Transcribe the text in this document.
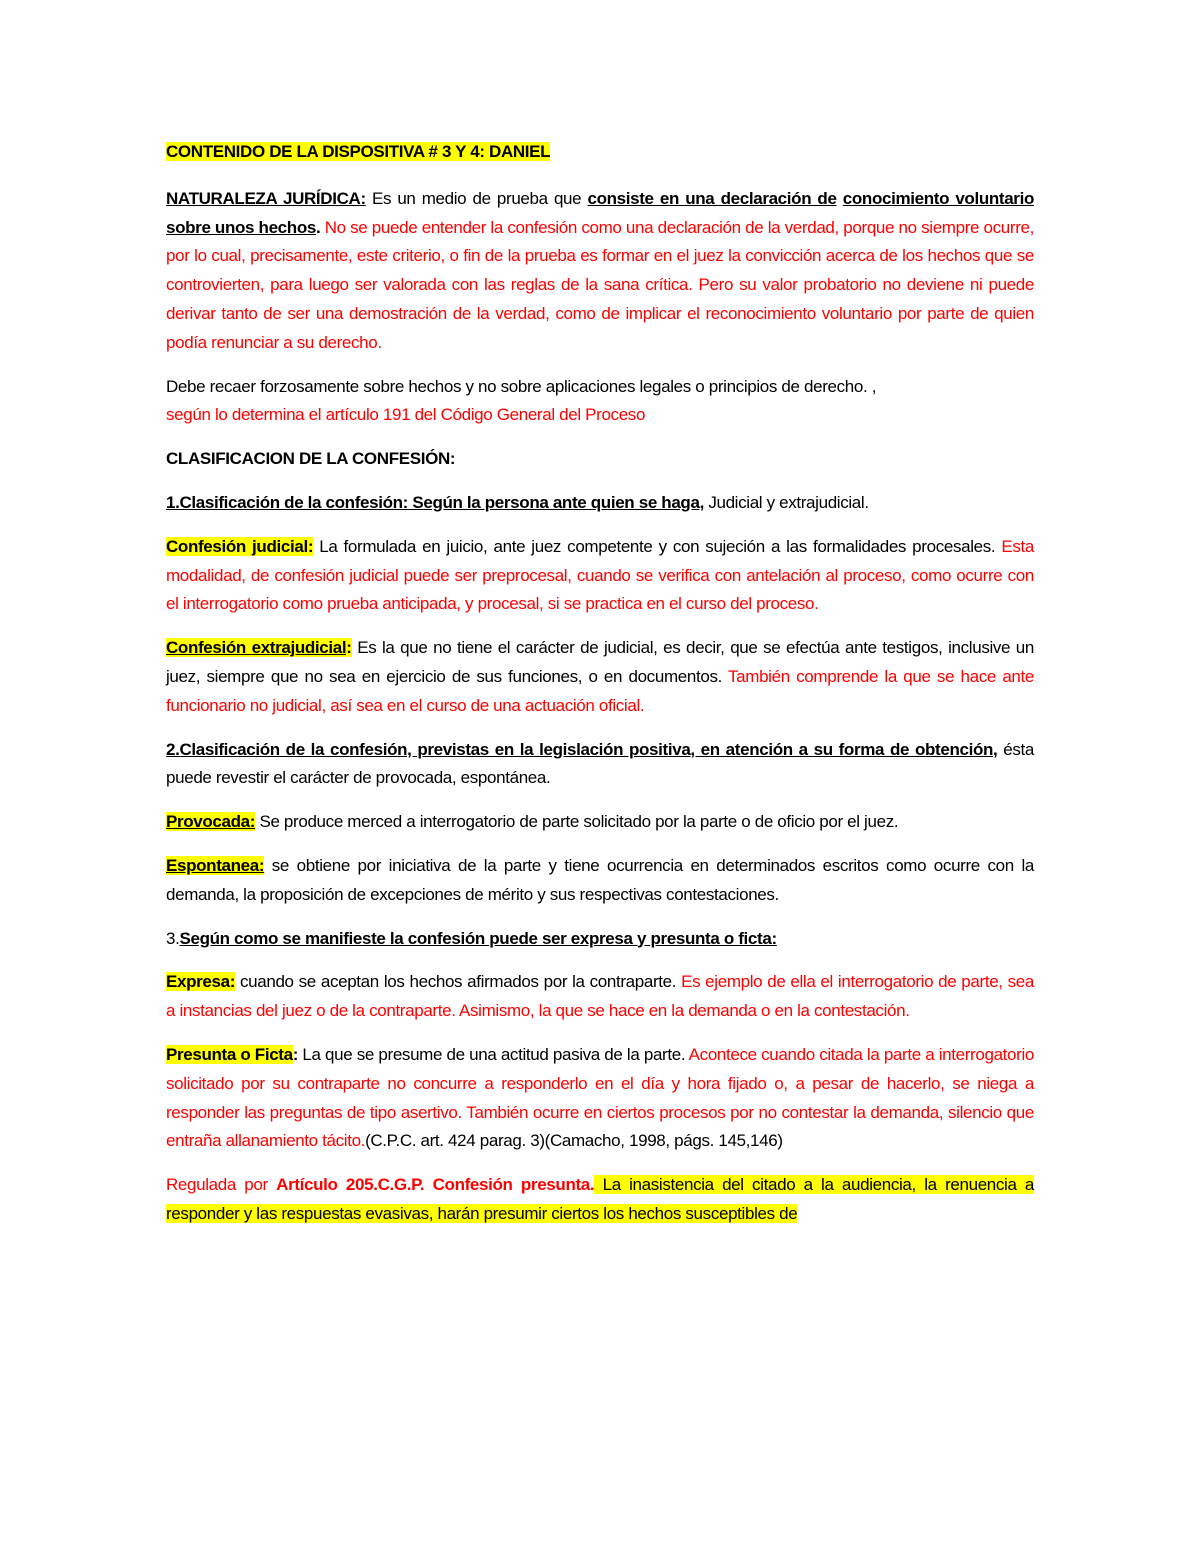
CONTENIDO DE LA DISPOSITIVA # 3 Y 4: DANIEL

NATURALEZA JURÍDICA: Es un medio de prueba que consiste en una declaración de conocimiento voluntario sobre unos hechos. No se puede entender la confesión como una declaración de la verdad, porque no siempre ocurre, por lo cual, precisamente, este criterio, o fin de la prueba es formar en el juez la convicción acerca de los hechos que se controvierten, para luego ser valorada con las reglas de la sana crítica. Pero su valor probatorio no deviene ni puede derivar tanto de ser una demostración de la verdad, como de implicar el reconocimiento voluntario por parte de quien podía renunciar a su derecho.

Debe recaer forzosamente sobre hechos y no sobre aplicaciones legales o principios de derecho. ,
según lo determina el artículo 191 del Código General del Proceso

CLASIFICACION DE LA CONFESIÓN:

1.Clasificación de la confesión: Según la persona ante quien se haga, Judicial y extrajudicial.

Confesión judicial: La formulada en juicio, ante juez competente y con sujeción a las formalidades procesales. Esta modalidad, de confesión judicial puede ser preprocesal, cuando se verifica con antelación al proceso, como ocurre con el interrogatorio como prueba anticipada, y procesal, si se practica en el curso del proceso.

Confesión extrajudicial: Es la que no tiene el carácter de judicial, es decir, que se efectúa ante testigos, inclusive un juez, siempre que no sea en ejercicio de sus funciones, o en documentos. También comprende la que se hace ante funcionario no judicial, así sea en el curso de una actuación oficial.

2.Clasificación de la confesión, previstas en la legislación positiva, en atención a su forma de obtención, ésta puede revestir el carácter de provocada, espontánea.

Provocada: Se produce merced a interrogatorio de parte solicitado por la parte o de oficio por el juez.

Espontanea: se obtiene por iniciativa de la parte y tiene ocurrencia en determinados escritos como ocurre con la demanda, la proposición de excepciones de mérito y sus respectivas contestaciones.

3.Según como se manifieste la confesión puede ser expresa y presunta o ficta:

Expresa: cuando se aceptan los hechos afirmados por la contraparte. Es ejemplo de ella el interrogatorio de parte, sea a instancias del juez o de la contraparte. Asimismo, la que se hace en la demanda o en la contestación.

Presunta o Ficta: La que se presume de una actitud pasiva de la parte. Acontece cuando citada la parte a interrogatorio solicitado por su contraparte no concurre a responderlo en el día y hora fijado o, a pesar de hacerlo, se niega a responder las preguntas de tipo asertivo. También ocurre en ciertos procesos por no contestar la demanda, silencio que entraña allanamiento tácito.(C.P.C. art. 424 parag. 3)(Camacho, 1998, págs. 145,146)

Regulada por Artículo 205.C.G.P. Confesión presunta. La inasistencia del citado a la audiencia, la renuencia a responder y las respuestas evasivas, harán presumir ciertos los hechos susceptibles de
